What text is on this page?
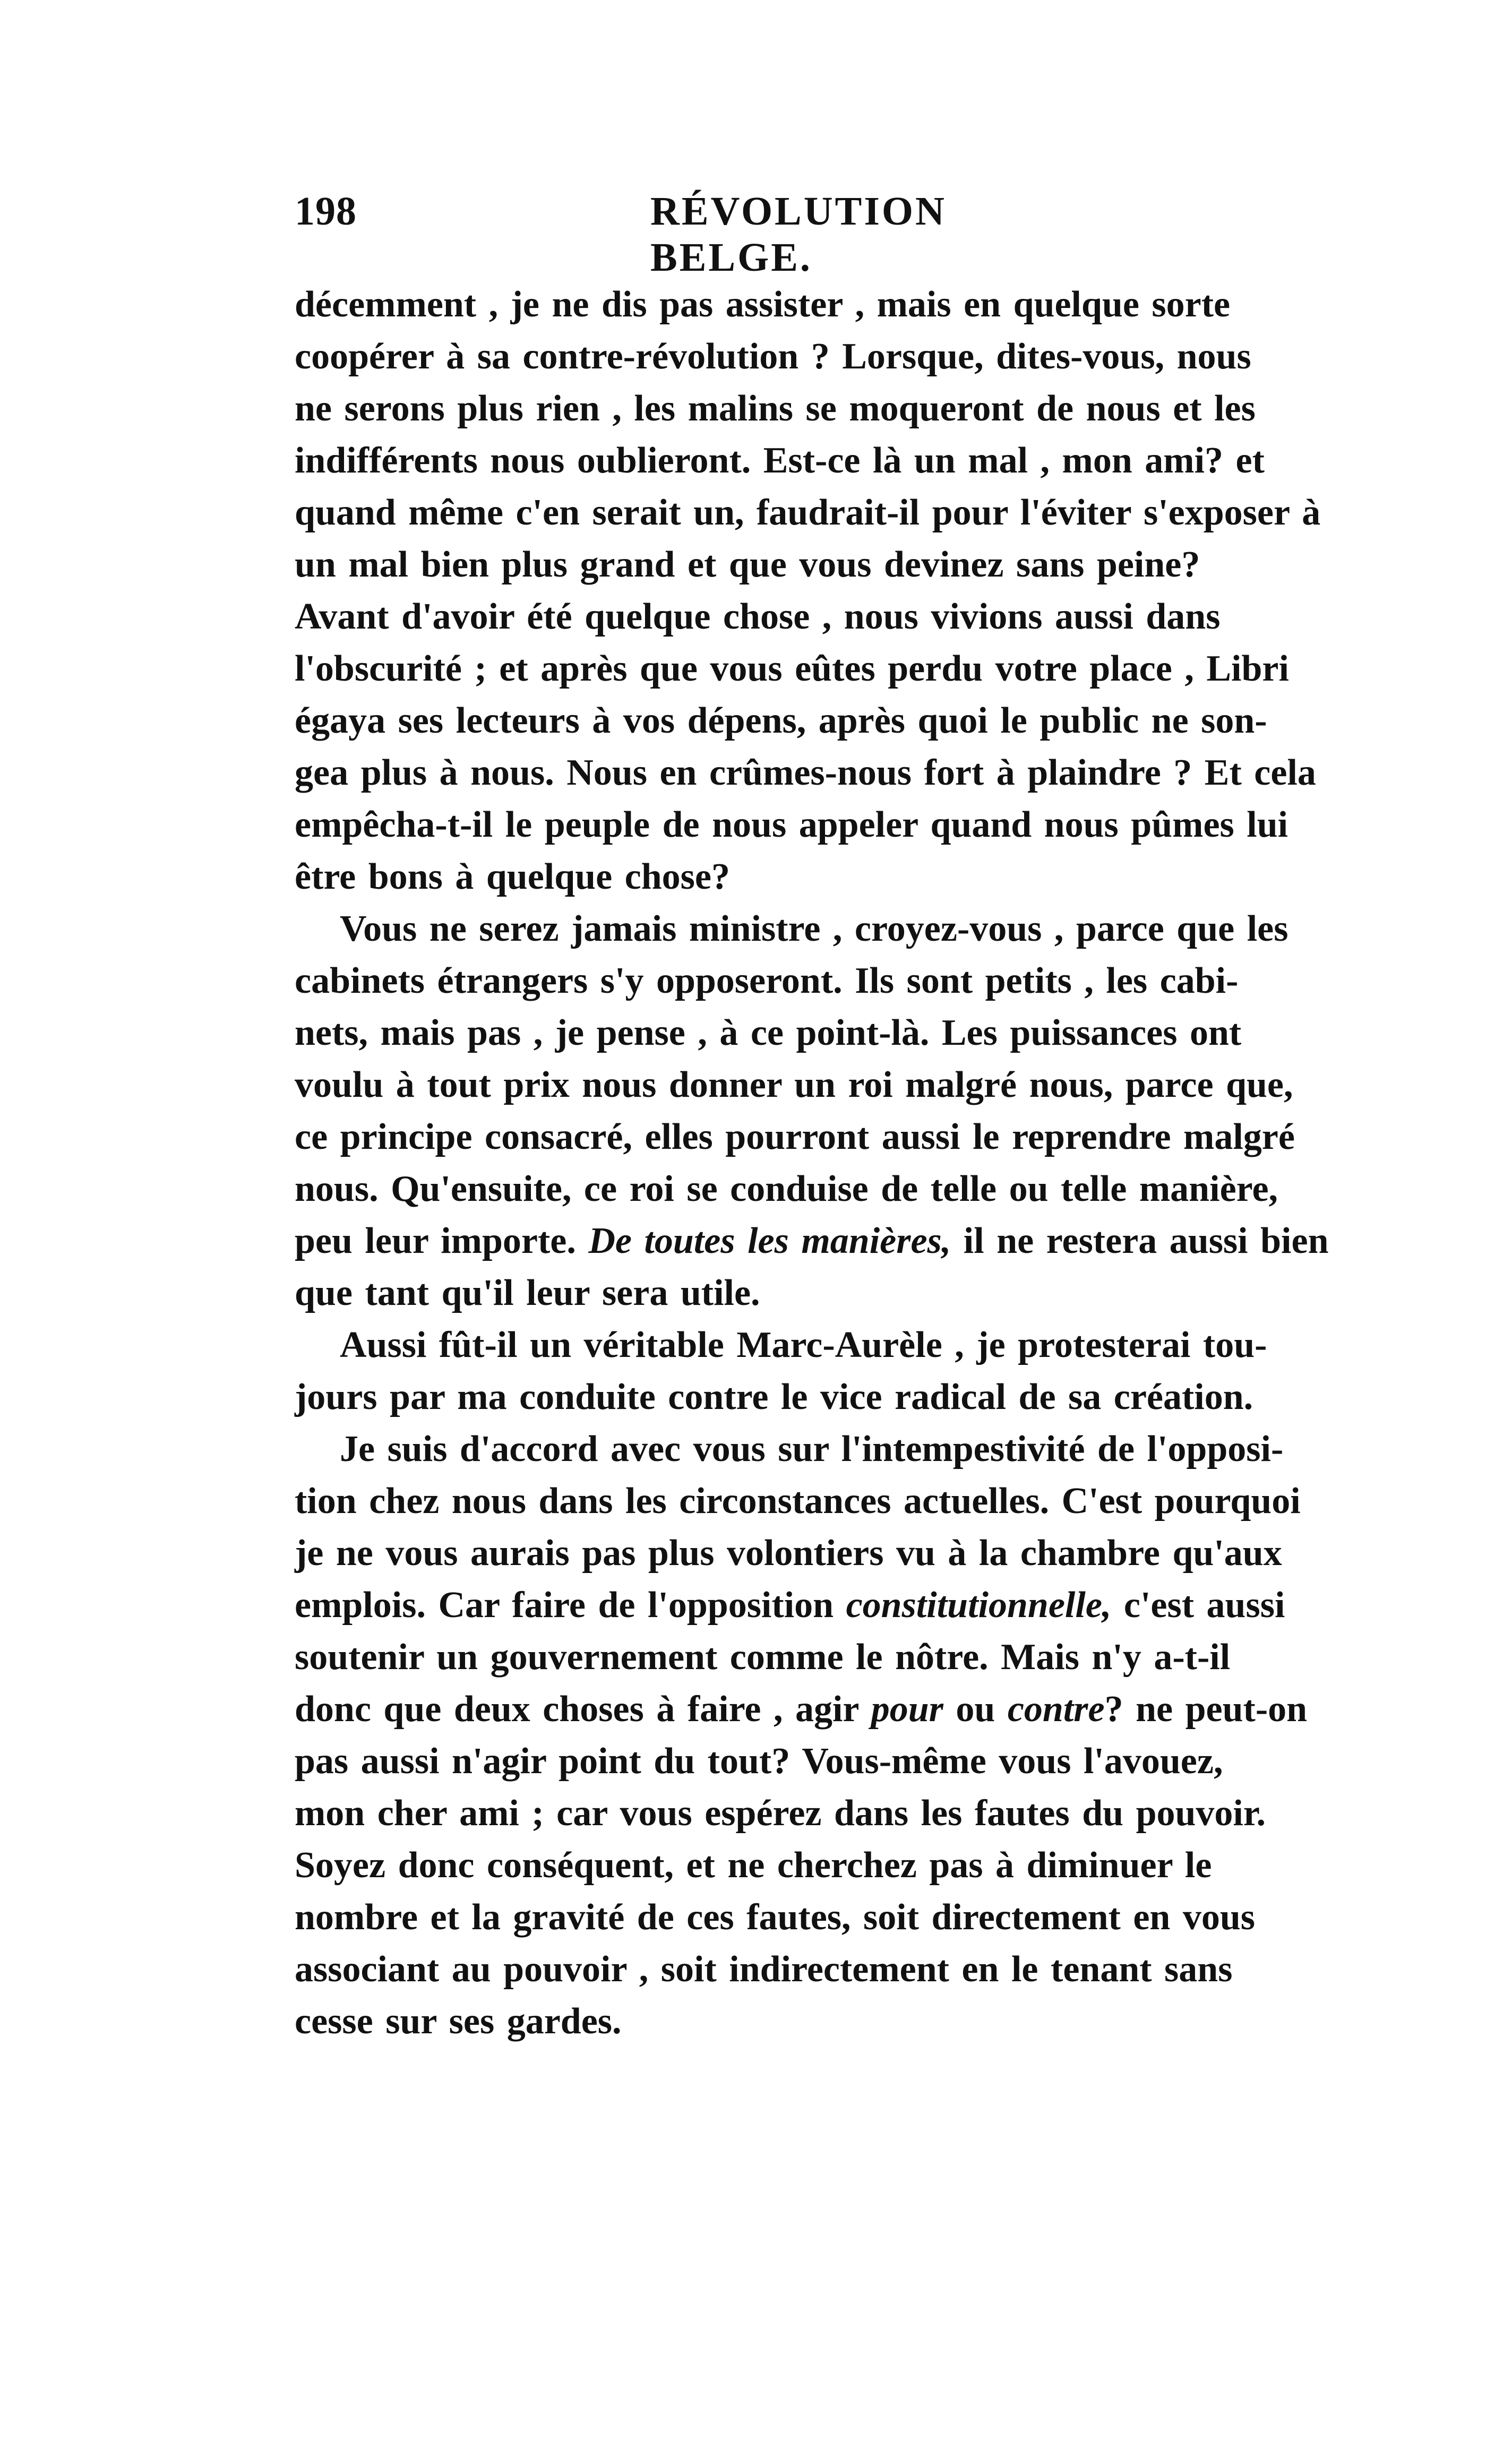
198	RÉVOLUTION BELGE.
décemment , je ne dis pas assister , mais en quelque sorte
coopérer à sa contre-révolution ? Lorsque, dites-vous, nous
ne serons plus rien , les malins se moqueront de nous et les
indifférents nous oublieront. Est-ce là un mal , mon ami? et
quand même c'en serait un, faudrait-il pour l'éviter s'exposer à
un mal bien plus grand et que vous devinez sans peine?
Avant d'avoir été quelque chose , nous vivions aussi dans
l'obscurité ; et après que vous eûtes perdu votre place , Libri
égaya ses lecteurs à vos dépens, après quoi le public ne son-
gea plus à nous. Nous en crûmes-nous fort à plaindre ? Et cela
empêcha-t-il le peuple de nous appeler quand nous pûmes lui
être bons à quelque chose?
Vous ne serez jamais ministre , croyez-vous , parce que les
cabinets étrangers s'y opposeront. Ils sont petits , les cabi-
nets, mais pas , je pense , à ce point-là. Les puissances ont
voulu à tout prix nous donner un roi malgré nous, parce que,
ce principe consacré, elles pourront aussi le reprendre malgré
nous. Qu'ensuite, ce roi se conduise de telle ou telle manière,
peu leur importe. De toutes les manières, il ne restera aussi bien
que tant qu'il leur sera utile.
Aussi fût-il un véritable Marc-Aurèle , je protesterai tou-
jours par ma conduite contre le vice radical de sa création.
Je suis d'accord avec vous sur l'intempestivité de l'opposi-
tion chez nous dans les circonstances actuelles. C'est pourquoi
je ne vous aurais pas plus volontiers vu à la chambre qu'aux
emplois. Car faire de l'opposition constitutionnelle, c'est aussi
soutenir un gouvernement comme le nôtre. Mais n'y a-t-il
donc que deux choses à faire , agir pour ou contre? ne peut-on
pas aussi n'agir point du tout? Vous-même vous l'avouez,
mon cher ami ; car vous espérez dans les fautes du pouvoir.
Soyez donc conséquent, et ne cherchez pas à diminuer le
nombre et la gravité de ces fautes, soit directement en vous
associant au pouvoir , soit indirectement en le tenant sans
cesse sur ses gardes.
